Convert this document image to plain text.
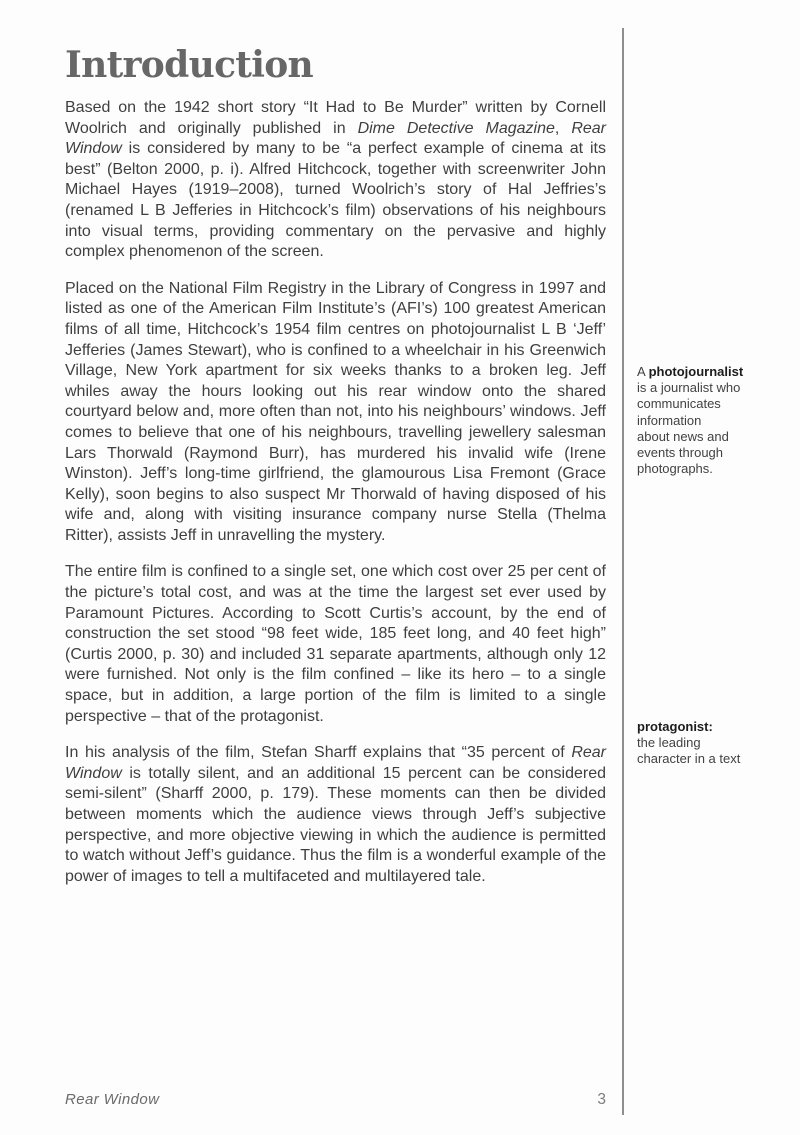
Introduction

Based on the 1942 short story “It Had to Be Murder” written by Cornell Woolrich and originally published in Dime Detective Magazine, Rear Window is considered by many to be “a perfect example of cinema at its best” (Belton 2000, p. i). Alfred Hitchcock, together with screenwriter John Michael Hayes (1919–2008), turned Woolrich’s story of Hal Jeffries’s (renamed L B Jefferies in Hitchcock’s film) observations of his neighbours into visual terms, providing commentary on the pervasive and highly complex phenomenon of the screen.

Placed on the National Film Registry in the Library of Congress in 1997 and listed as one of the American Film Institute’s (AFI’s) 100 greatest American films of all time, Hitchcock’s 1954 film centres on photojournalist L B ‘Jeff’ Jefferies (James Stewart), who is confined to a wheelchair in his Greenwich Village, New York apartment for six weeks thanks to a broken leg. Jeff whiles away the hours looking out his rear window onto the shared courtyard below and, more often than not, into his neighbours’ windows. Jeff comes to believe that one of his neighbours, travelling jewellery salesman Lars Thorwald (Raymond Burr), has murdered his invalid wife (Irene Winston). Jeff’s long-time girlfriend, the glamourous Lisa Fremont (Grace Kelly), soon begins to also suspect Mr Thorwald of having disposed of his wife and, along with visiting insurance company nurse Stella (Thelma Ritter), assists Jeff in unravelling the mystery.

The entire film is confined to a single set, one which cost over 25 per cent of the picture’s total cost, and was at the time the largest set ever used by Paramount Pictures. According to Scott Curtis’s account, by the end of construction the set stood “98 feet wide, 185 feet long, and 40 feet high” (Curtis 2000, p. 30) and included 31 separate apartments, although only 12 were furnished. Not only is the film confined – like its hero – to a single space, but in addition, a large portion of the film is limited to a single perspective – that of the protagonist.

In his analysis of the film, Stefan Sharff explains that “35 percent of Rear Window is totally silent, and an additional 15 percent can be considered semi-silent” (Sharff 2000, p. 179). These moments can then be divided between moments which the audience views through Jeff’s subjective perspective, and more objective viewing in which the audience is permitted to watch without Jeff’s guidance. Thus the film is a wonderful example of the power of images to tell a multifaceted and multilayered tale.

A photojournalist
is a journalist who
communicates
information
about news and
events through
photographs.
protagonist:
the leading
character in a text
Rear Window	3
